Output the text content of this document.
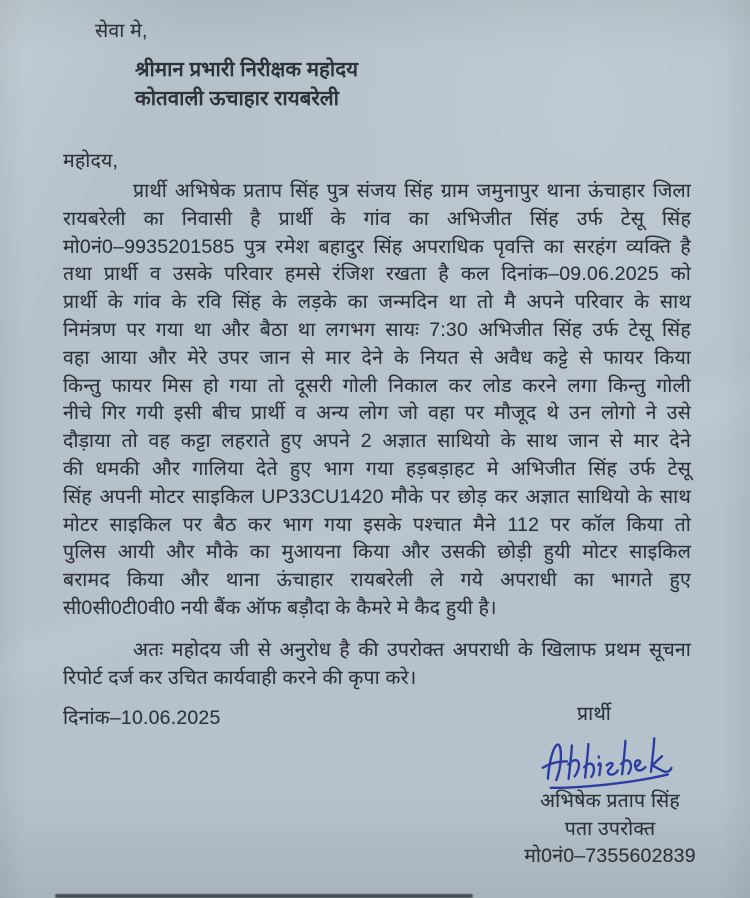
सेवा मे,
श्रीमान प्रभारी निरीक्षक महोदय
कोतवाली ऊचाहार रायबरेली
महोदय,
प्रार्थी अभिषेक प्रताप सिंह पुत्र संजय सिंह ग्राम जमुनापुर थाना ऊंचाहार जिला
रायबरेली का निवासी है प्रार्थी के गांव का अभिजीत सिंह उर्फ टेसू सिंह
मो0नं0–9935201585 पुत्र रमेश बहादुर सिंह अपराधिक पृवत्ति का सरहंग व्यक्ति है
तथा प्रार्थी व उसके परिवार हमसे रंजिश रखता है कल दिनांक–09.06.2025 को
प्रार्थी के गांव के रवि सिंह के लड़के का जन्मदिन था तो मै अपने परिवार के साथ
निमंत्रण पर गया था और बैठा था लगभग सायः 7:30 अभिजीत सिंह उर्फ टेसू सिंह
वहा आया और मेरे उपर जान से मार देने के नियत से अवैध कट्टे से फायर किया
किन्तु फायर मिस हो गया तो दूसरी गोली निकाल कर लोड करने लगा किन्तु गोली
नीचे गिर गयी इसी बीच प्रार्थी व अन्य लोग जो वहा पर मौजूद थे उन लोगो ने उसे
दौड़ाया तो वह कट्टा लहराते हुए अपने 2 अज्ञात साथियो के साथ जान से मार देने
की धमकी और गालिया देते हुए भाग गया हड़बड़ाहट मे अभिजीत सिंह उर्फ टेसू
सिंह अपनी मोटर साइकिल UP33CU1420 मौके पर छोड़ कर अज्ञात साथियो के साथ
मोटर साइकिल पर बैठ कर भाग गया इसके पश्चात मैने 112 पर कॉल किया तो
पुलिस आयी और मौके का मुआयना किया और उसकी छोड़ी हुयी मोटर साइकिल
बरामद किया और थाना ऊंचाहार रायबरेली ले गये अपराधी का भागते हुए
सी0सी0टी0वी0 नयी बैंक ऑफ बड़ौदा के कैमरे मे कैद हुयी है।
अतः महोदय जी से अनुरोध है की उपरोक्त अपराधी के खिलाफ प्रथम सूचना
रिपोर्ट दर्ज कर उचित कार्यवाही करने की कृपा करे।
दिनांक–10.06.2025	प्रार्थी
अभिषेक प्रताप सिंह
पता उपरोक्त
मो0नं0–7355602839
